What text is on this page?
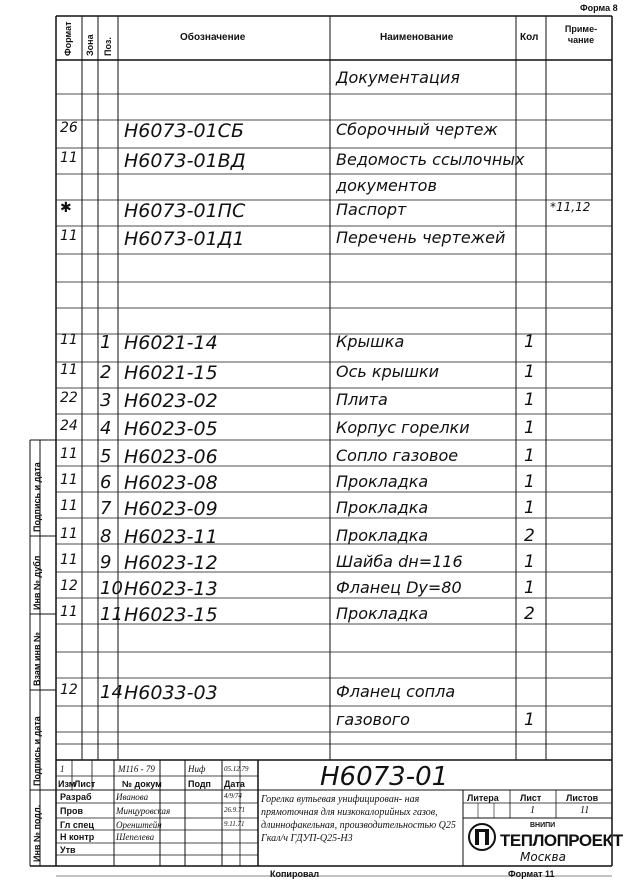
Форма 8
Формат Зона Поз.	Обозначение	Наименование	Кол
Приме- чание
Документация
26 Н6073-01СБ	Сборочный чертеж
11 Н6073-01ВД	Ведомость ссылочных
документов
✱	Н6073-01ПС	Паспорт	*11,12
11 Н6073-01Д1	Перечень чертежей
11 1 Н6021-14	Крышка	1
11 2 Н6021-15	Ось крышки	1
22 3 Н6023-02	Плита	1
24 4 Н6023-05	Корпус горелки	1
11 5 Н6023-06	Сопло газовое	1
11 6 Н6023-08	Прокладка	1
11 7 Н6023-09	Прокладка	1
11 8 Н6023-11	Прокладка	2
11 9 Н6023-12	Шайба dн=116	1
12 10 Н6023-13	Фланец Dу=80	1
11 11 Н6023-15	Прокладка	2
12 14 Н6033-03	Фланец сопла
газового	1
Подпись и дата
Инв № дубл
Взам инв №
Подпись и дата
Инв № подл.
1	М116 - 79	Ниф	05.12.79
Изм
Лист	№ докум	Подп Дата
Разраб	Иванова	4/9/74
Пров	Минцуровская	26.9.71
Гл спец Оренштейн	9.11.71
Н контр Шепелева
Утв
Н6073-01
Горелка вутьевая унифицирован- ная прямоточная для низкокалорийных газов, длиннофакельная, производительностью Q25 Гкал/ч ГДУП-Q25-Н3
Литера Лист	Листов
1	11
ВНИПИ
ТЕПЛОПРОЕКТ
Москва
Копировал	Формат 11
